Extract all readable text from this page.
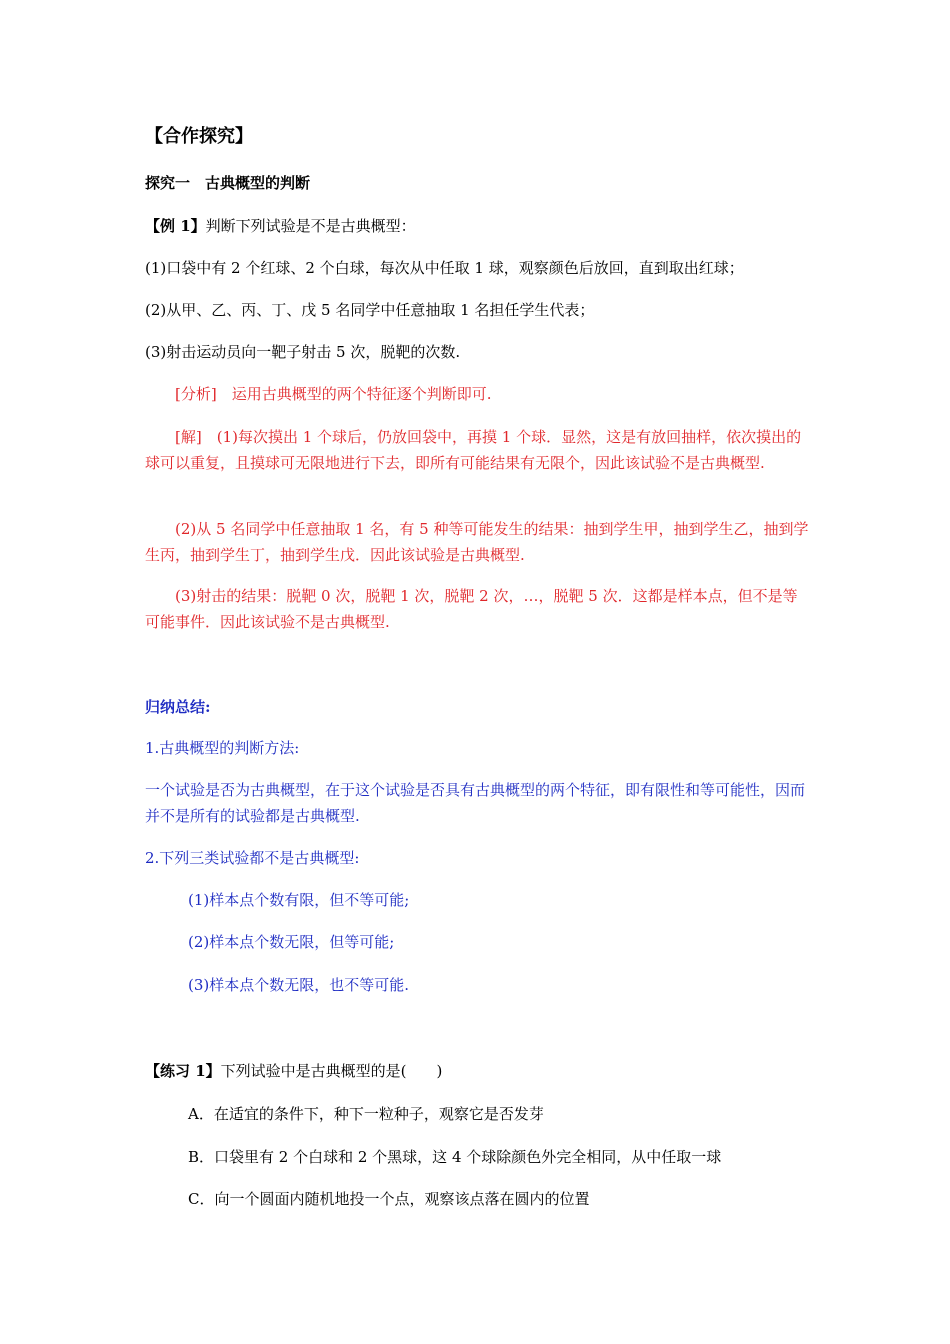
【合作探究】
探究一　古典概型的判断
【例 1】判断下列试验是不是古典概型：
(1)口袋中有 2 个红球、2 个白球，每次从中任取 1 球，观察颜色后放回，直到取出红球；
(2)从甲、乙、丙、丁、戊 5 名同学中任意抽取 1 名担任学生代表；
(3)射击运动员向一靶子射击 5 次，脱靶的次数.
[分析]　运用古典概型的两个特征逐个判断即可.
[解]　(1)每次摸出 1 个球后，仍放回袋中，再摸 1 个球．显然，这是有放回抽样，依次摸出的球可以重复，且摸球可无限地进行下去，即所有可能结果有无限个，因此该试验不是古典概型.
(2)从 5 名同学中任意抽取 1 名，有 5 种等可能发生的结果：抽到学生甲，抽到学生乙，抽到学生丙，抽到学生丁，抽到学生戊．因此该试验是古典概型.
(3)射击的结果：脱靶 0 次，脱靶 1 次，脱靶 2 次，…，脱靶 5 次．这都是样本点，但不是等可能事件．因此该试验不是古典概型.
归纳总结:
1.古典概型的判断方法:
一个试验是否为古典概型，在于这个试验是否具有古典概型的两个特征，即有限性和等可能性，因而并不是所有的试验都是古典概型.
2.下列三类试验都不是古典概型:
(1)样本点个数有限，但不等可能;
(2)样本点个数无限，但等可能;
(3)样本点个数无限，也不等可能.
【练习 1】下列试验中是古典概型的是(　　)
A．在适宜的条件下，种下一粒种子，观察它是否发芽
B．口袋里有 2 个白球和 2 个黑球，这 4 个球除颜色外完全相同，从中任取一球
C．向一个圆面内随机地投一个点，观察该点落在圆内的位置
